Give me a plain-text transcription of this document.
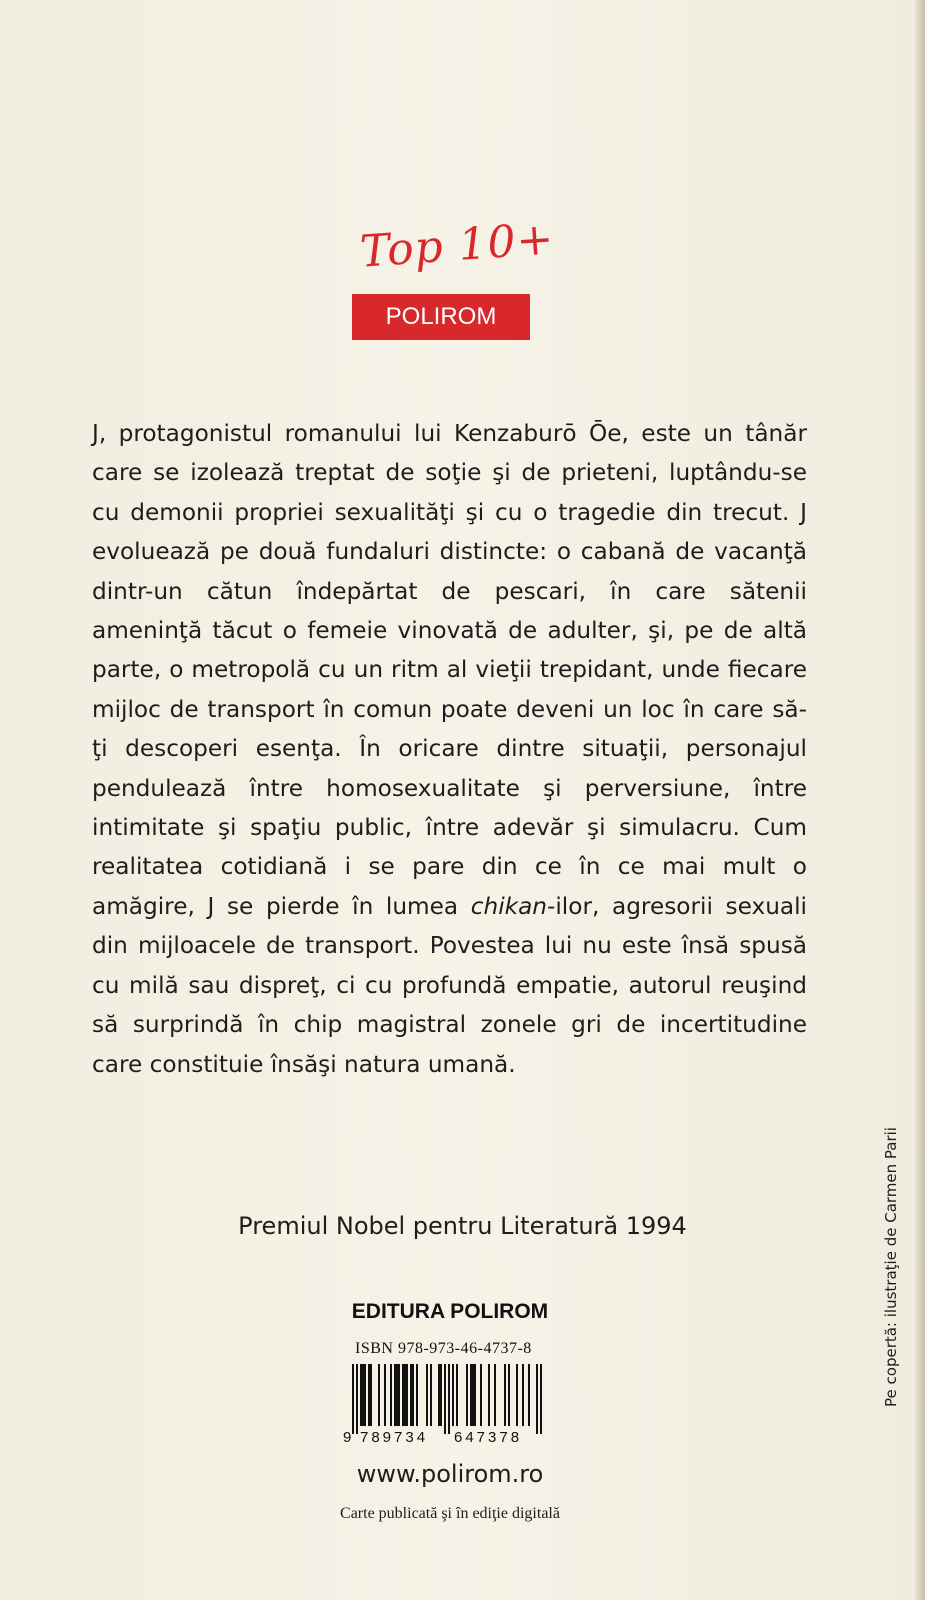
Top 10+
POLIROM

J, protagonistul romanului lui Kenzaburō Ōe, este un tânăr care se izolează treptat de soţie şi de prieteni, luptându-se cu demonii propriei sexualităţi şi cu o tragedie din trecut. J evoluează pe două fundaluri distincte: o cabană de vacanţă dintr-un cătun îndepărtat de pescari, în care sătenii ameninţă tăcut o femeie vinovată de adulter, şi, pe de altă parte, o metropolă cu un ritm al vieţii trepidant, unde fiecare mijloc de transport în comun poate deveni un loc în care să-ţi descoperi esenţa. În oricare dintre situaţii, personajul pendulează între homosexualitate şi perversiune, între intimitate şi spaţiu public, între adevăr şi simulacru. Cum realitatea cotidiană i se pare din ce în ce mai mult o amăgire, J se pierde în lumea chikan-ilor, agresorii sexuali din mijloacele de transport. Povestea lui nu este însă spusă cu milă sau dispreţ, ci cu profundă empatie, autorul reuşind să surprindă în chip magistral zonele gri de incertitudine care constituie însăşi natura umană.

Premiul Nobel pentru Literatură 1994
EDITURA POLIROM
ISBN 978-973-46-4737-8
9 789734 647378
www.polirom.ro
Carte publicată şi în ediţie digitală
Pe copertă: ilustraţie de Carmen Parii
